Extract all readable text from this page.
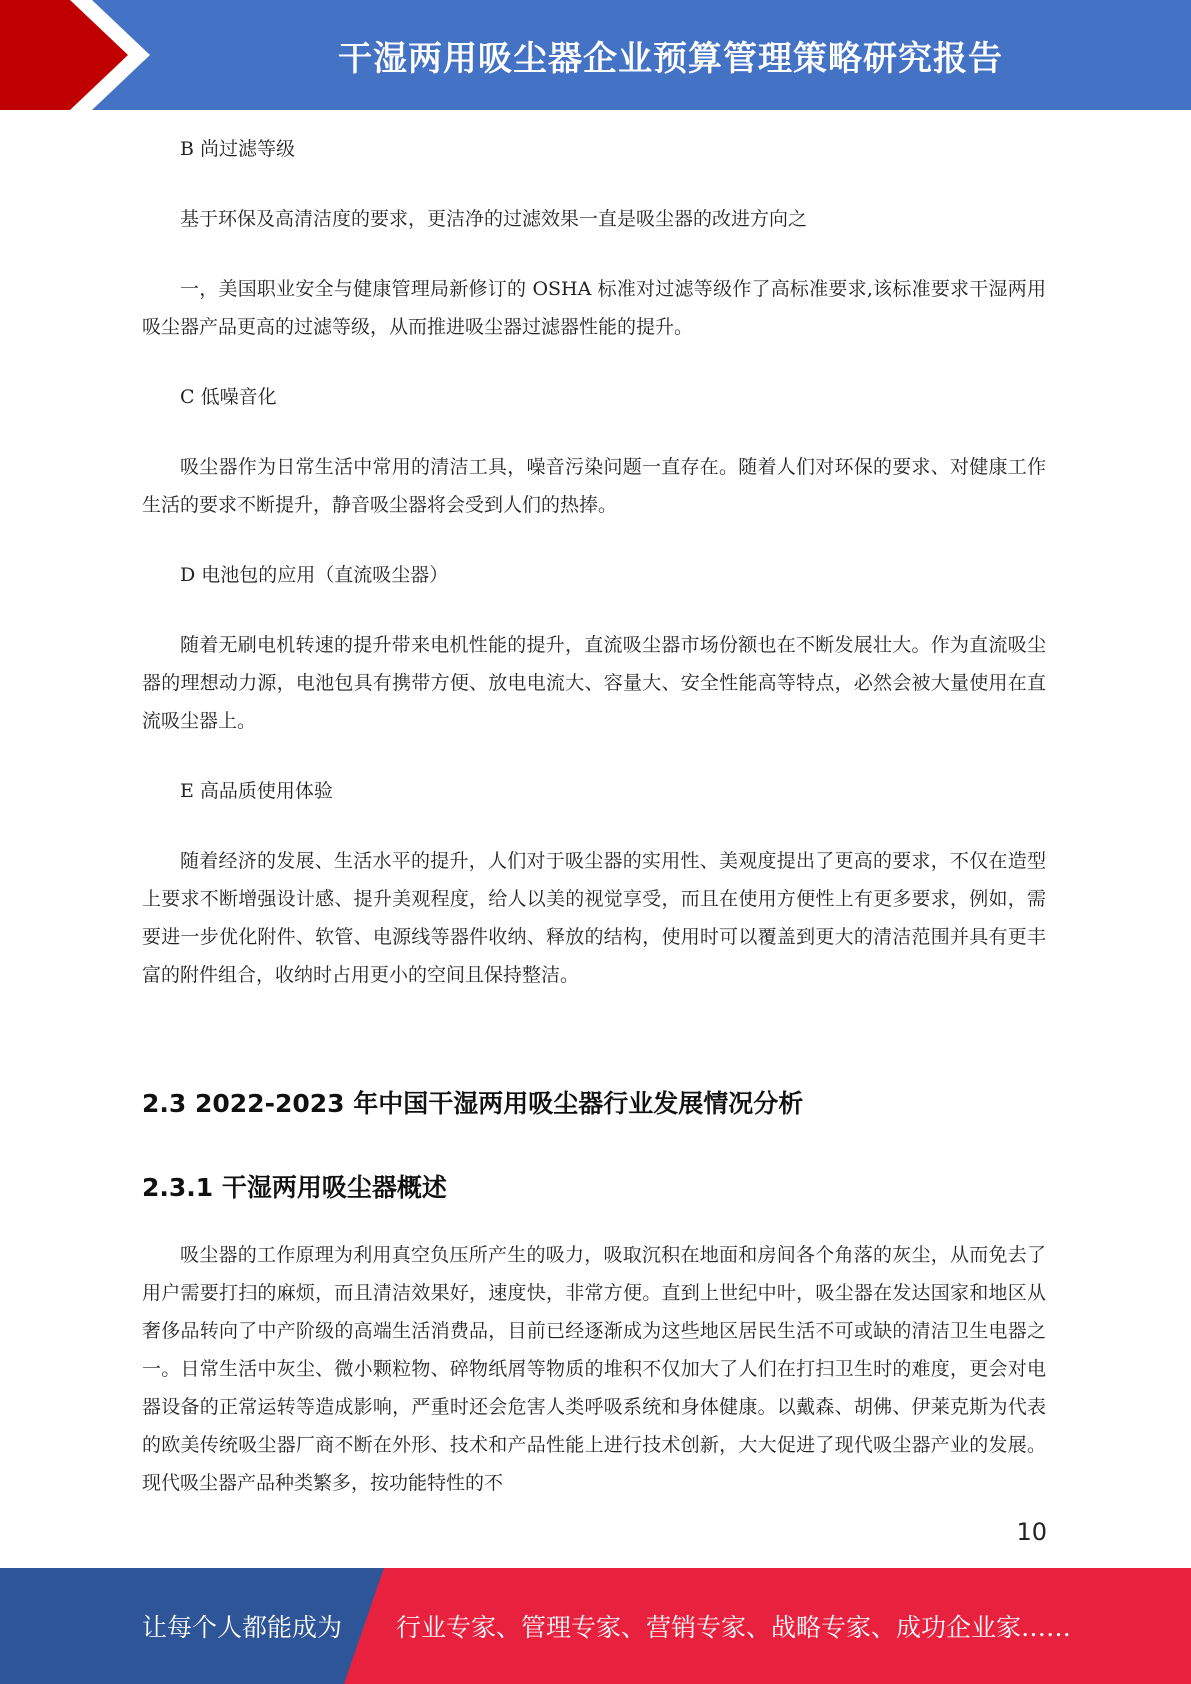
干湿两用吸尘器企业预算管理策略研究报告

B 尚过滤等级

基于环保及高清洁度的要求，更洁净的过滤效果一直是吸尘器的改进方向之

一，美国职业安全与健康管理局新修订的 OSHA 标准对过滤等级作了高标准要求,该标准要求干湿两用吸尘器产品更高的过滤等级，从而推进吸尘器过滤器性能的提升。

C 低噪音化

吸尘器作为日常生活中常用的清洁工具，噪音污染问题一直存在。随着人们对环保的要求、对健康工作生活的要求不断提升，静音吸尘器将会受到人们的热捧。

D 电池包的应用（直流吸尘器）

随着无刷电机转速的提升带来电机性能的提升，直流吸尘器市场份额也在不断发展壮大。作为直流吸尘器的理想动力源，电池包具有携带方便、放电电流大、容量大、安全性能高等特点，必然会被大量使用在直流吸尘器上。

E 高品质使用体验

随着经济的发展、生活水平的提升，人们对于吸尘器的实用性、美观度提出了更高的要求，不仅在造型上要求不断增强设计感、提升美观程度，给人以美的视觉享受，而且在使用方便性上有更多要求，例如，需要进一步优化附件、软管、电源线等器件收纳、释放的结构，使用时可以覆盖到更大的清洁范围并具有更丰富的附件组合，收纳时占用更小的空间且保持整洁。

2.3 2022-2023 年中国干湿两用吸尘器行业发展情况分析
2.3.1 干湿两用吸尘器概述

吸尘器的工作原理为利用真空负压所产生的吸力，吸取沉积在地面和房间各个角落的灰尘，从而免去了用户需要打扫的麻烦，而且清洁效果好，速度快，非常方便。直到上世纪中叶，吸尘器在发达国家和地区从奢侈品转向了中产阶级的高端生活消费品，目前已经逐渐成为这些地区居民生活不可或缺的清洁卫生电器之一。日常生活中灰尘、微小颗粒物、碎物纸屑等物质的堆积不仅加大了人们在打扫卫生时的难度，更会对电器设备的正常运转等造成影响，严重时还会危害人类呼吸系统和身体健康。以戴森、胡佛、伊莱克斯为代表的欧美传统吸尘器厂商不断在外形、技术和产品性能上进行技术创新，大大促进了现代吸尘器产业的发展。现代吸尘器产品种类繁多，按功能特性的不

10
让每个人都能成为 行业专家、管理专家、营销专家、战略专家、成功企业家……
